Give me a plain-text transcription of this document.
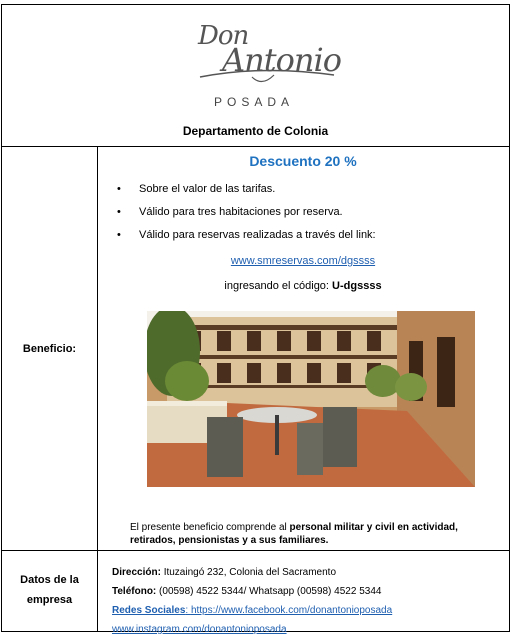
Don
Antonio
POSADA
Departamento de Colonia
Beneficio:
Descuento 20 %
• Sobre el valor de las tarifas.
• Válido para tres habitaciones por reserva.
• Válido para reservas realizadas a través del link:
www.smreservas.com/dgssss
ingresando el código: U-dgssss
El presente beneficio comprende al personal militar y civil en actividad, retirados, pensionistas y a sus familiares.
Datos de la
empresa
Dirección: Ituzaingó 232, Colonia del Sacramento
Teléfono: (00598) 4522 5344/ Whatsapp (00598) 4522 5344
Redes Sociales: https://www.facebook.com/donantonioposada
www.instagram.com/donantonioposada
